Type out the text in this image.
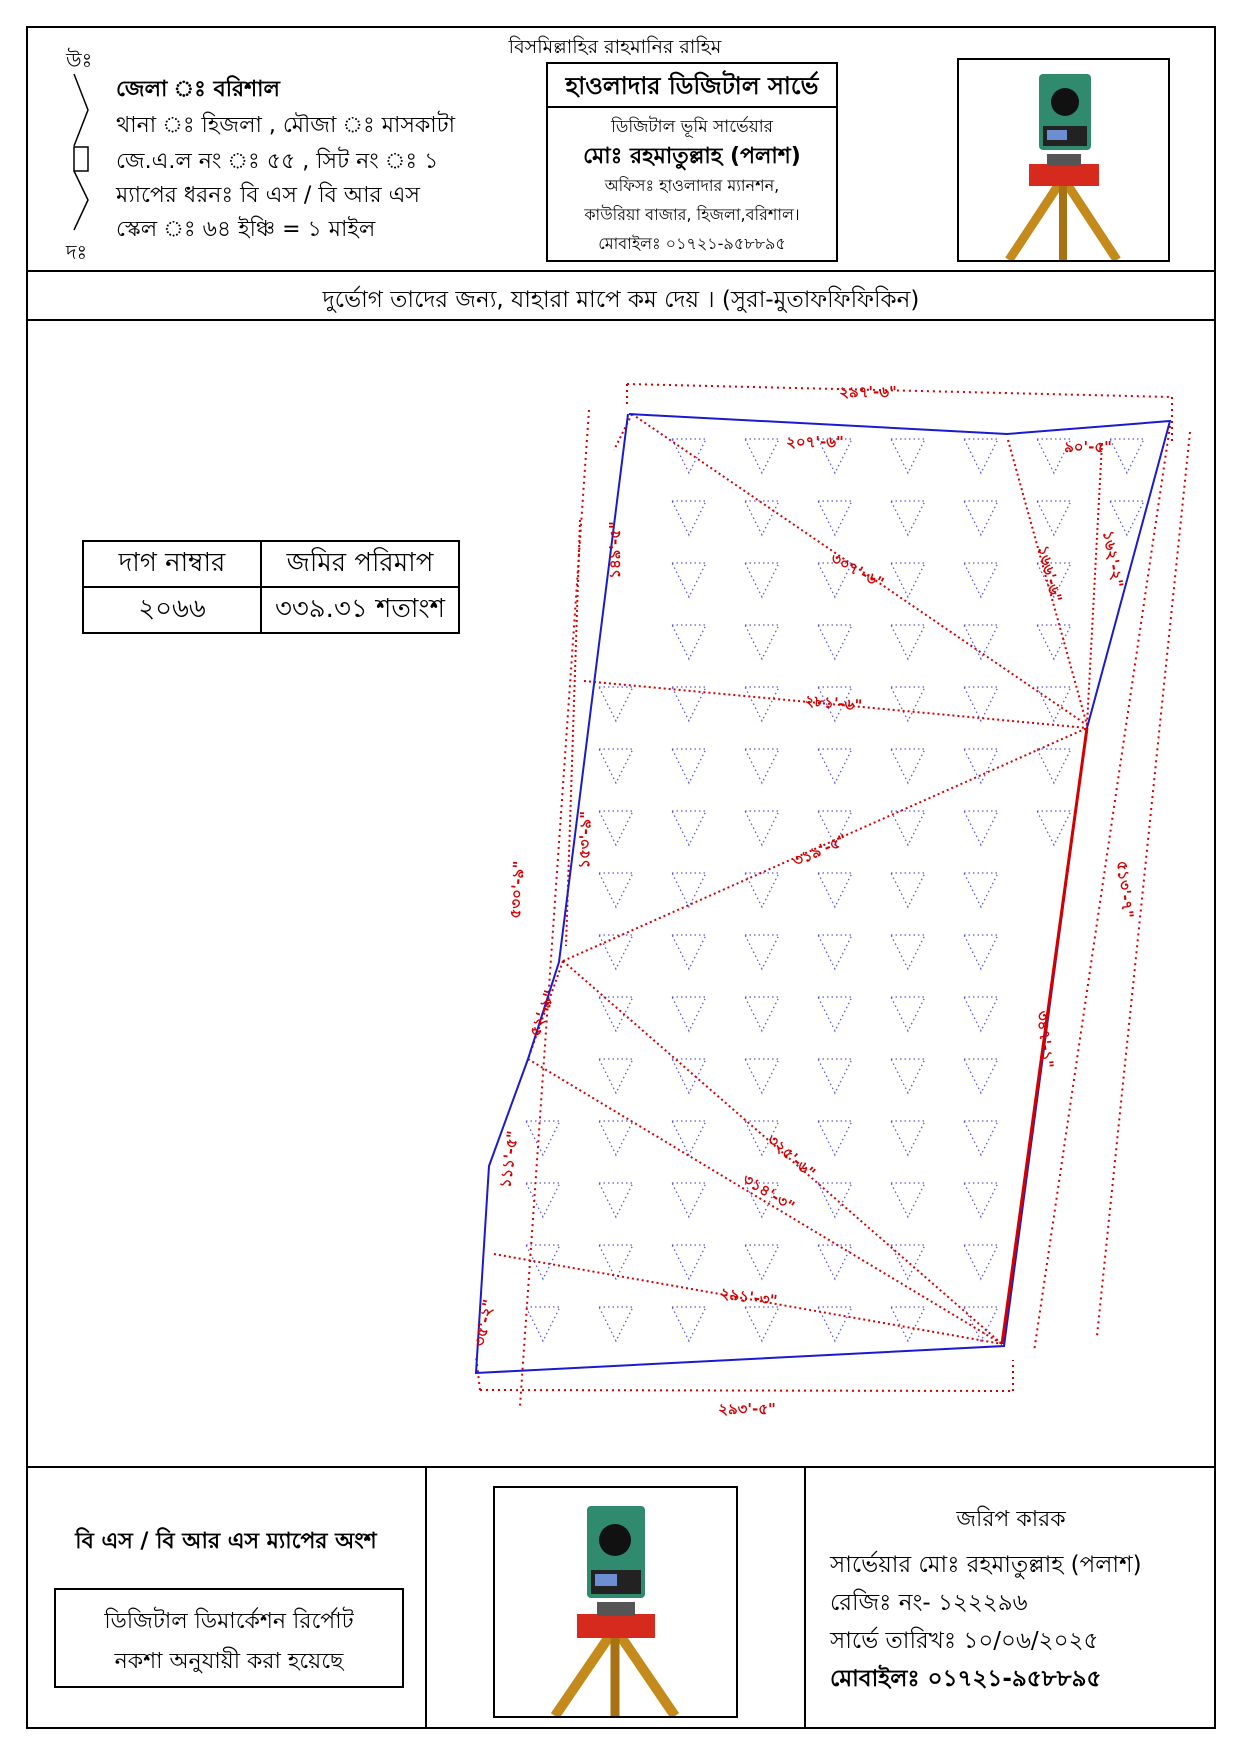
বিসমিল্লাহির রাহমানির রাহিম
উঃ
দঃ
জেলা ঃ বরিশাল
থানা ঃ হিজলা , মৌজা ঃ মাসকাটা
জে.এ.ল নং ঃ ৫৫ , সিট নং ঃ ১
ম্যাপের ধরনঃ বি এস / বি আর এস
স্কেল ঃ ৬৪ ইঞ্চি = ১ মাইল
হাওলাদার ডিজিটাল সার্ভে
ডিজিটাল ভূমি সার্ভেয়ার
মোঃ রহমাতুল্লাহ (পলাশ)
অফিসঃ হাওলাদার ম্যানশন,
কাউরিয়া বাজার, হিজলা,বরিশাল।
মোবাইলঃ ০১৭২১-৯৫৮৮৯৫
দুর্ভোগ তাদের জন্য, যাহারা মাপে কম দেয় । (সুরা-মুতাফফিফিকিন)
দাগ নাম্বার	জমির পরিমাপ
২০৬৬	৩৩৯.৩১ শতাংশ
২৯৭'-৬"
২০৭'-৬"	৯০'-৫"
১৪৯'-৫"	৩০৭'-৬"	১৬৬'-৬" ১৬২'-২"
২৮১'-৬"
১৫৩'-৯"
৫৩০'-৯"
৩১৯'-৫"
৫১৩'-৭"
৫২'-৯"	৩৪৭'-১"
১১১'-৫"	৩২৫'-৬"
৩১৪'-৩"
২৯১'-৩"
৩৫'-২"
২৯৩'-৫"
বি এস / বি আর এস ম্যাপের অংশ
ডিজিটাল ডিমার্কেশন রির্পোট
নকশা অনুযায়ী করা হয়েছে
জরিপ কারক
সার্ভেয়ার মোঃ রহমাতুল্লাহ (পলাশ)
রেজিঃ নং- ১২২২৯৬
সার্ভে তারিখঃ ১০/০৬/২০২৫
মোবাইলঃ ০১৭২১-৯৫৮৮৯৫
